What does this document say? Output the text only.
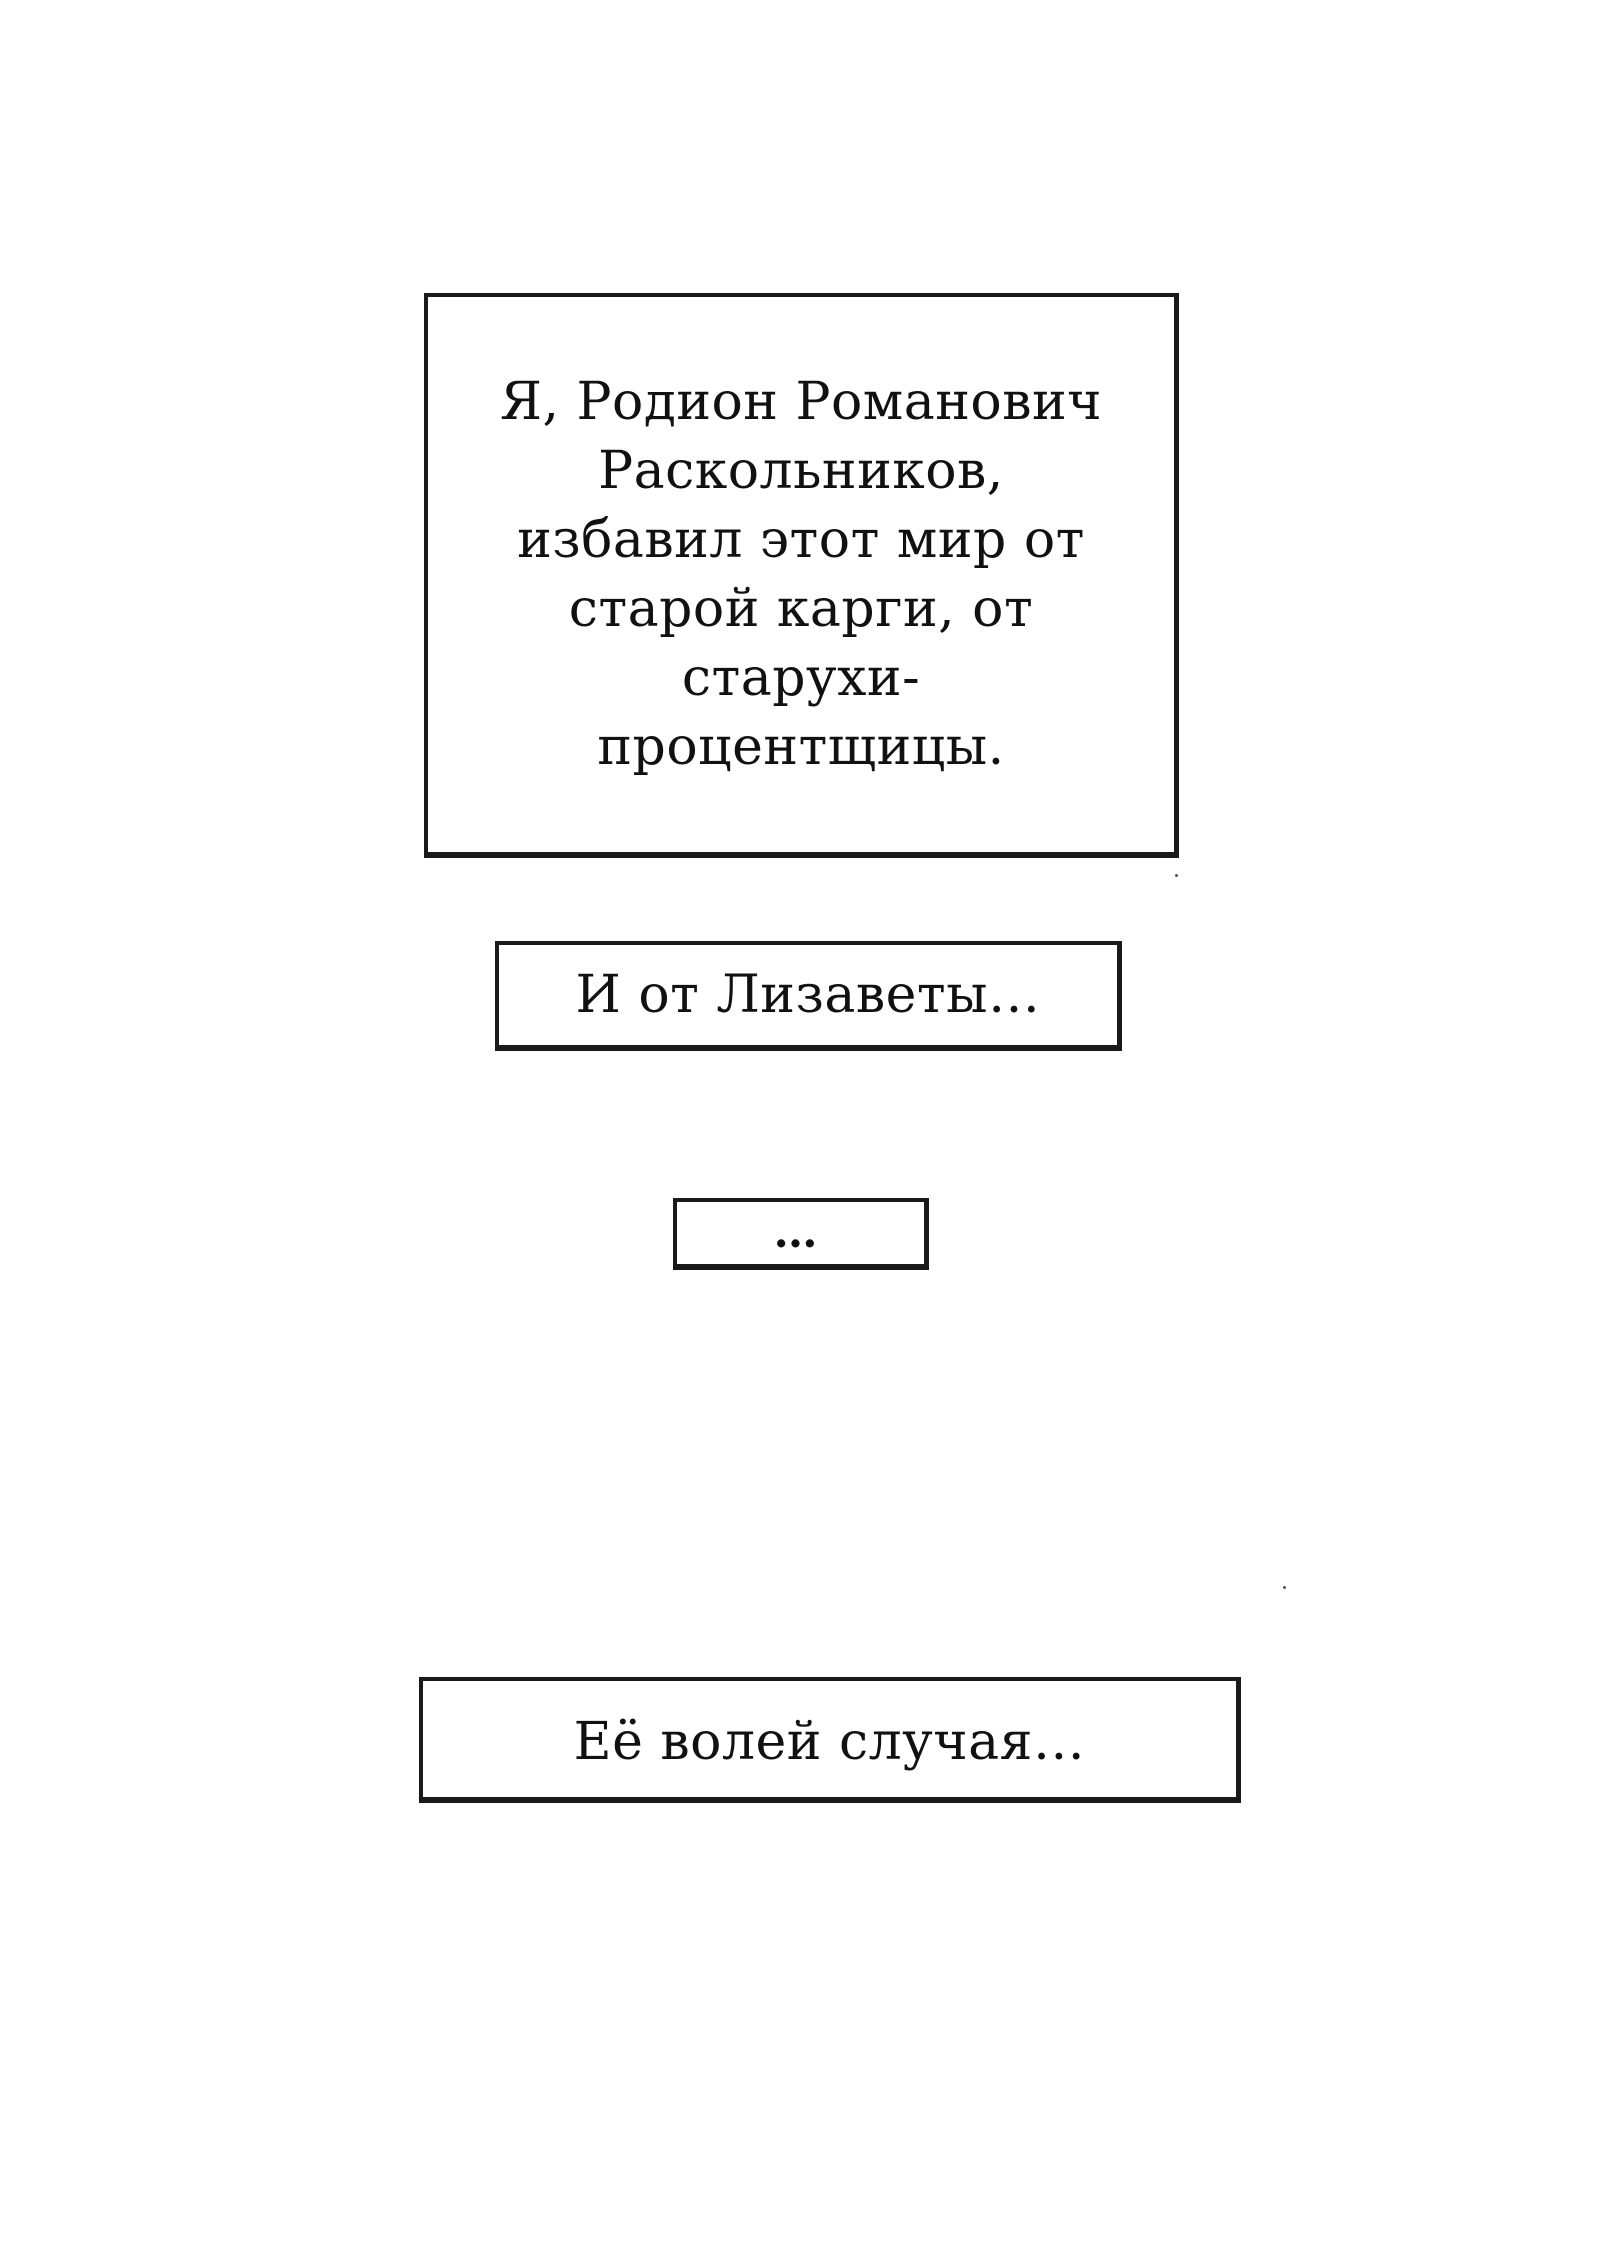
Я, Родион Романович
Раскольников,
избавил этот мир от
старой карги, от
старухи-
процентщицы.
И от Лизаветы…
…
Её волей случая…
